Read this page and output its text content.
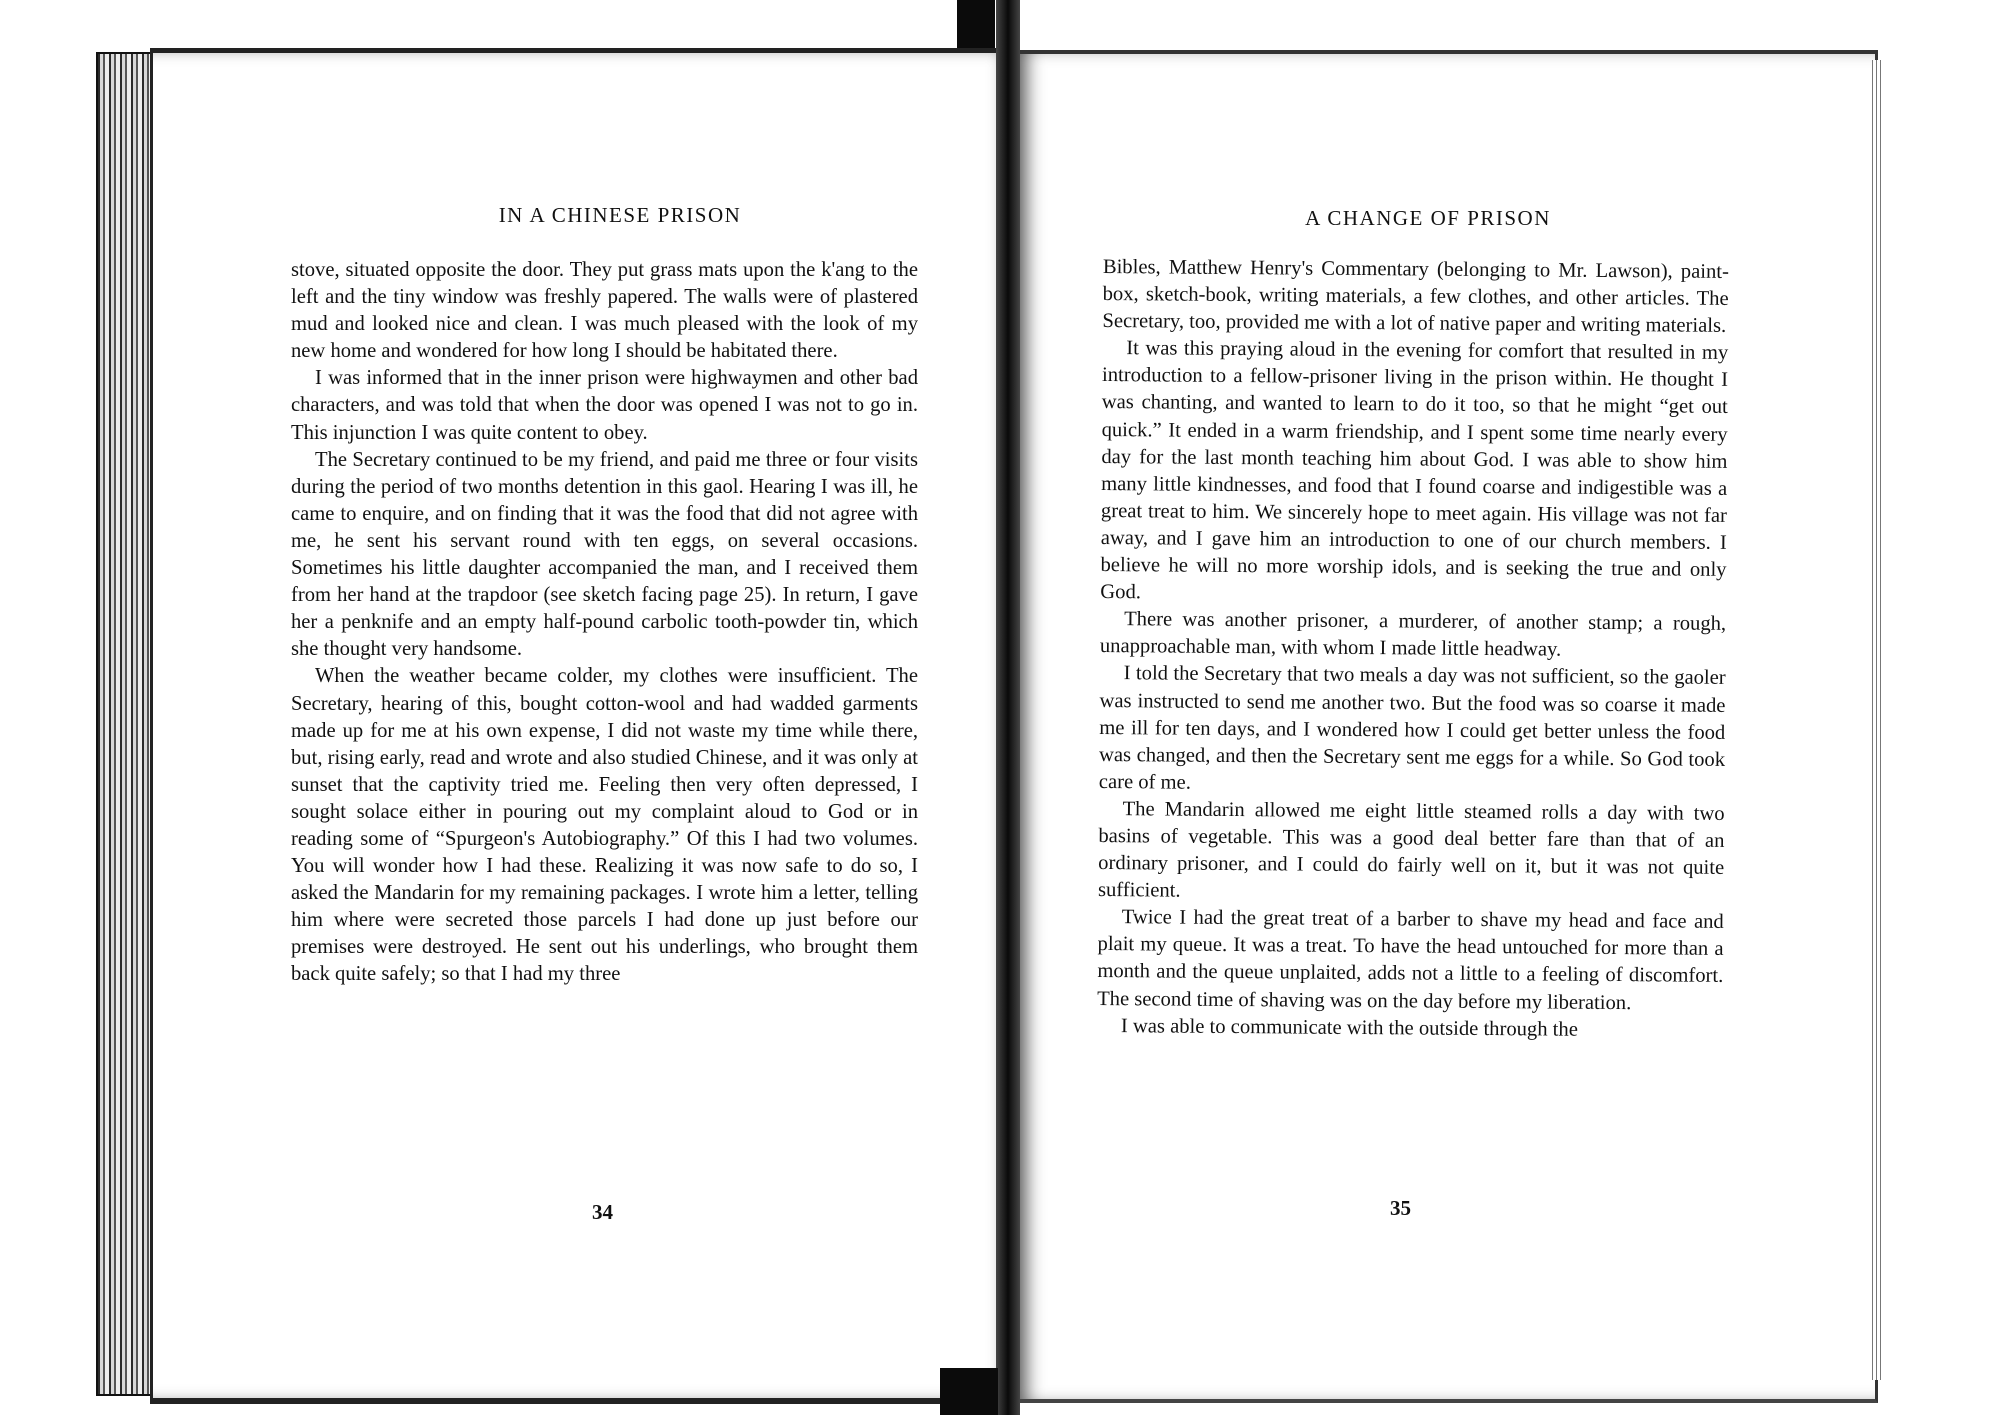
IN A CHINESE PRISON

stove, situated opposite the door. They put grass mats upon the k'ang to the left and the tiny window was freshly papered. The walls were of plastered mud and looked nice and clean. I was much pleased with the look of my new home and wondered for how long I should be habitated there.

I was informed that in the inner prison were highwaymen and other bad characters, and was told that when the door was opened I was not to go in. This injunction I was quite content to obey.

The Secretary continued to be my friend, and paid me three or four visits during the period of two months detention in this gaol. Hearing I was ill, he came to enquire, and on finding that it was the food that did not agree with me, he sent his servant round with ten eggs, on several occasions. Sometimes his little daughter accompanied the man, and I received them from her hand at the trapdoor (see sketch facing page 25). In return, I gave her a penknife and an empty half-pound carbolic tooth-powder tin, which she thought very handsome.

When the weather became colder, my clothes were insufficient. The Secretary, hearing of this, bought cotton-wool and had wadded garments made up for me at his own expense, I did not waste my time while there, but, rising early, read and wrote and also studied Chinese, and it was only at sunset that the captivity tried me. Feeling then very often depressed, I sought solace either in pouring out my complaint aloud to God or in reading some of “Spurgeon's Autobiography.” Of this I had two volumes. You will wonder how I had these. Realizing it was now safe to do so, I asked the Mandarin for my remaining packages. I wrote him a letter, telling him where were secreted those parcels I had done up just before our premises were destroyed. He sent out his underlings, who brought them back quite safely; so that I had my three

34
A CHANGE OF PRISON

Bibles, Matthew Henry's Commentary (belonging to Mr. Lawson), paint-box, sketch-book, writing materials, a few clothes, and other articles. The Secretary, too, provided me with a lot of native paper and writing materials.

It was this praying aloud in the evening for comfort that resulted in my introduction to a fellow-prisoner living in the prison within. He thought I was chanting, and wanted to learn to do it too, so that he might “get out quick.” It ended in a warm friendship, and I spent some time nearly every day for the last month teaching him about God. I was able to show him many little kindnesses, and food that I found coarse and indigestible was a great treat to him. We sincerely hope to meet again. His village was not far away, and I gave him an introduction to one of our church members. I believe he will no more worship idols, and is seeking the true and only God.

There was another prisoner, a murderer, of another stamp; a rough, unapproachable man, with whom I made little headway.

I told the Secretary that two meals a day was not sufficient, so the gaoler was instructed to send me another two. But the food was so coarse it made me ill for ten days, and I wondered how I could get better unless the food was changed, and then the Secretary sent me eggs for a while. So God took care of me.

The Mandarin allowed me eight little steamed rolls a day with two basins of vegetable. This was a good deal better fare than that of an ordinary prisoner, and I could do fairly well on it, but it was not quite sufficient.

Twice I had the great treat of a barber to shave my head and face and plait my queue. It was a treat. To have the head untouched for more than a month and the queue unplaited, adds not a little to a feeling of discomfort. The second time of shaving was on the day before my liberation.

I was able to communicate with the outside through the

35
